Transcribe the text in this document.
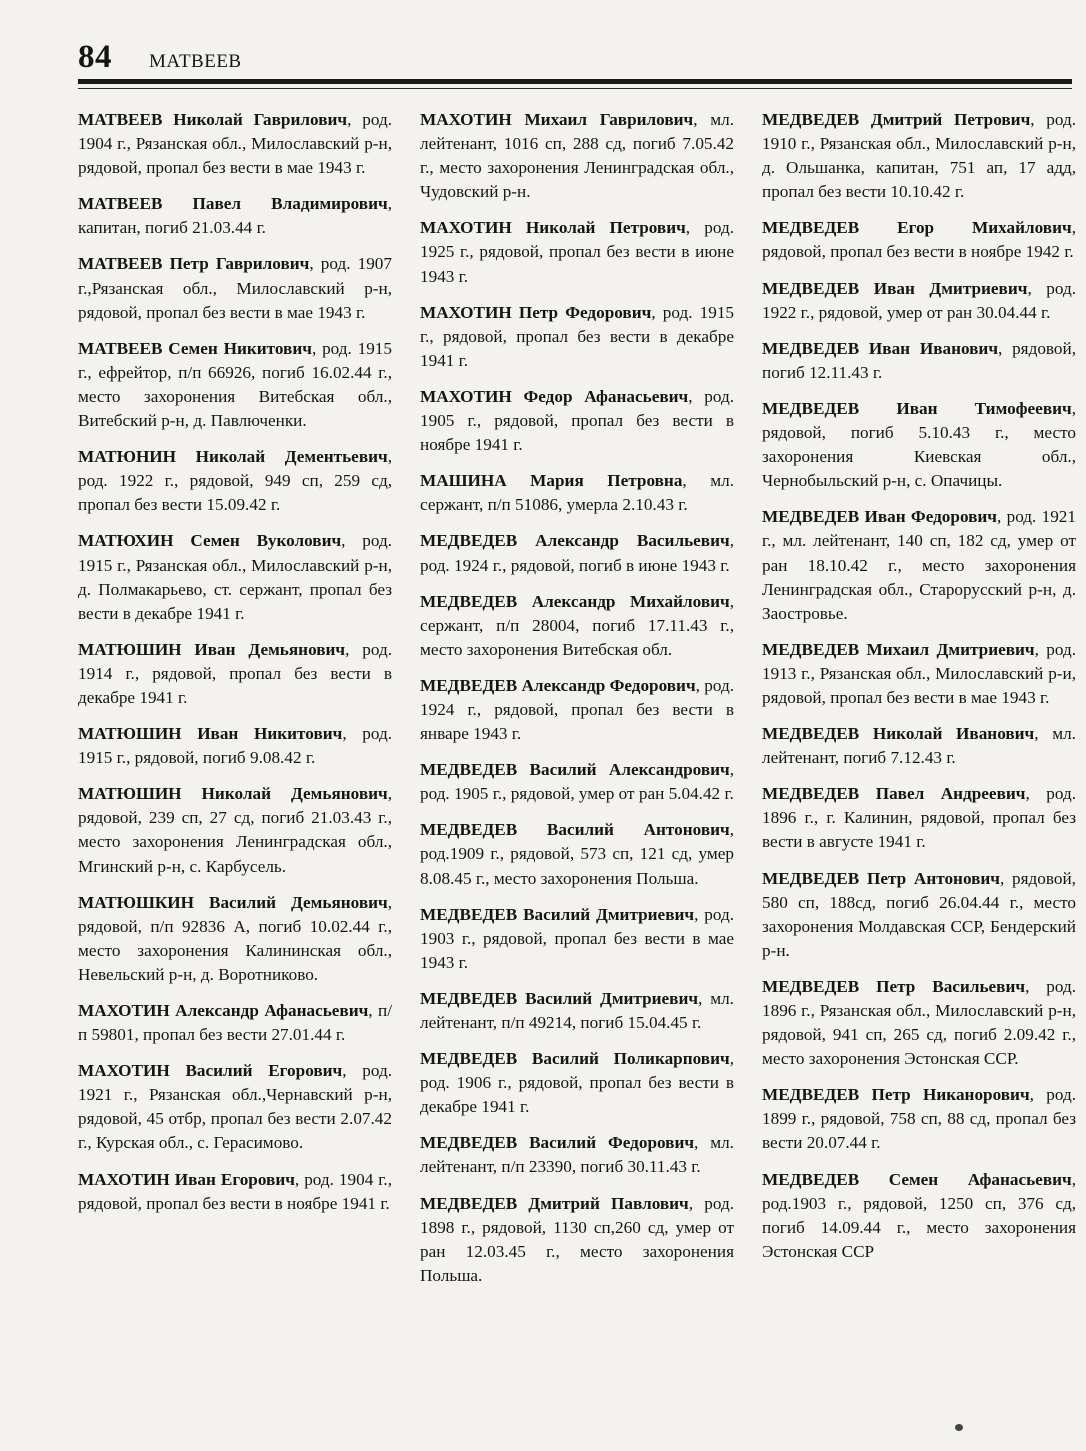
84 МАТВЕЕВ

МАТВЕЕВ Николай Гаврилович, род. 1904 г., Рязанская обл., Милославский р-н, рядовой, пропал без вести в мае 1943 г.

МАТВЕЕВ Павел Владимирович, капитан, погиб 21.03.44 г.

МАТВЕЕВ Петр Гаврилович, род. 1907 г.,Рязанская обл., Милославский р-н, рядовой, пропал без вести в мае 1943 г.

МАТВЕЕВ Семен Никитович, род. 1915 г., ефрейтор, п/п 66926, погиб 16.02.44 г., место захоронения Витебская обл., Витебский р-н, д. Павлюченки.

МАТЮНИН Николай Дементьевич, род. 1922 г., рядовой, 949 сп, 259 сд, пропал без вести 15.09.42 г.

МАТЮХИН Семен Вуколович, род. 1915 г., Рязанская обл., Милославский р-н, д. Полмакарьево, ст. сержант, пропал без вести в декабре 1941 г.

МАТЮШИН Иван Демьянович, род. 1914 г., рядовой, пропал без вести в декабре 1941 г.

МАТЮШИН Иван Никитович, род. 1915 г., рядовой, погиб 9.08.42 г.

МАТЮШИН Николай Демьянович, рядовой, 239 сп, 27 сд, погиб 21.03.43 г., место захоронения Ленинградская обл., Мгинский р-н, с. Карбусель.

МАТЮШКИН Василий Демьянович, рядовой, п/п 92836 А, погиб 10.02.44 г., место захоронения Калининская обл., Невельский р-н, д. Воротниково.

МАХОТИН Александр Афанасьевич, п/п 59801, пропал без вести 27.01.44 г.

МАХОТИН Василий Егорович, род. 1921 г., Рязанская обл.,Чернавский р-н, рядовой, 45 отбр, пропал без вести 2.07.42 г., Курская обл., с. Герасимово.

МАХОТИН Иван Егорович, род. 1904 г., рядовой, пропал без вести в ноябре 1941 г.

МАХОТИН Михаил Гаврилович, мл. лейтенант, 1016 сп, 288 сд, погиб 7.05.42 г., место захоронения Ленинградская обл., Чудовский р-н.

МАХОТИН Николай Петрович, род. 1925 г., рядовой, пропал без вести в июне 1943 г.

МАХОТИН Петр Федорович, род. 1915 г., рядовой, пропал без вести в декабре 1941 г.

МАХОТИН Федор Афанасьевич, род. 1905 г., рядовой, пропал без вести в ноябре 1941 г.

МАШИНА Мария Петровна, мл. сержант, п/п 51086, умерла 2.10.43 г.

МЕДВЕДЕВ Александр Васильевич, род. 1924 г., рядовой, погиб в июне 1943 г.

МЕДВЕДЕВ Александр Михайлович, сержант, п/п 28004, погиб 17.11.43 г., место захоронения Витебская обл.

МЕДВЕДЕВ Александр Федорович, род. 1924 г., рядовой, пропал без вести в январе 1943 г.

МЕДВЕДЕВ Василий Александрович, род. 1905 г., рядовой, умер от ран 5.04.42 г.

МЕДВЕДЕВ Василий Антонович, род.1909 г., рядовой, 573 сп, 121 сд, умер 8.08.45 г., место захоронения Польша.

МЕДВЕДЕВ Василий Дмитриевич, род. 1903 г., рядовой, пропал без вести в мае 1943 г.

МЕДВЕДЕВ Василий Дмитриевич, мл. лейтенант, п/п 49214, погиб 15.04.45 г.

МЕДВЕДЕВ Василий Поликарпович, род. 1906 г., рядовой, пропал без вести в декабре 1941 г.

МЕДВЕДЕВ Василий Федорович, мл. лейтенант, п/п 23390, погиб 30.11.43 г.

МЕДВЕДЕВ Дмитрий Павлович, род. 1898 г., рядовой, 1130 сп,260 сд, умер от ран 12.03.45 г., место захоронения Польша.

МЕДВЕДЕВ Дмитрий Петрович, род. 1910 г., Рязанская обл., Милославский р-н, д. Ольшанка, капитан, 751 ап, 17 адд, пропал без вести 10.10.42 г.

МЕДВЕДЕВ Егор Михайлович, рядовой, пропал без вести в ноябре 1942 г.

МЕДВЕДЕВ Иван Дмитриевич, род. 1922 г., рядовой, умер от ран 30.04.44 г.

МЕДВЕДЕВ Иван Иванович, рядовой, погиб 12.11.43 г.

МЕДВЕДЕВ Иван Тимофеевич, рядовой, погиб 5.10.43 г., место захоронения Киевская обл., Чернобыльский р-н, с. Опачицы.

МЕДВЕДЕВ Иван Федорович, род. 1921 г., мл. лейтенант, 140 сп, 182 сд, умер от ран 18.10.42 г., место захоронения Ленинградская обл., Старорусский р-н, д. Заостровье.

МЕДВЕДЕВ Михаил Дмитриевич, род. 1913 г., Рязанская обл., Милославский р-и, рядовой, пропал без вести в мае 1943 г.

МЕДВЕДЕВ Николай Иванович, мл. лейтенант, погиб 7.12.43 г.

МЕДВЕДЕВ Павел Андреевич, род. 1896 г., г. Калинин, рядовой, пропал без вести в августе 1941 г.

МЕДВЕДЕВ Петр Антонович, рядовой, 580 сп, 188сд, погиб 26.04.44 г., место захоронения Молдавская ССР, Бендерский р-н.

МЕДВЕДЕВ Петр Васильевич, род. 1896 г., Рязанская обл., Милославский р-н, рядовой, 941 сп, 265 сд, погиб 2.09.42 г., место захоронения Эстонская ССР.

МЕДВЕДЕВ Петр Никанорович, род. 1899 г., рядовой, 758 сп, 88 сд, пропал без вести 20.07.44 г.

МЕДВЕДЕВ Семен Афанасьевич, род.1903 г., рядовой, 1250 сп, 376 сд, погиб 14.09.44 г., место захоронения Эстонская ССР
